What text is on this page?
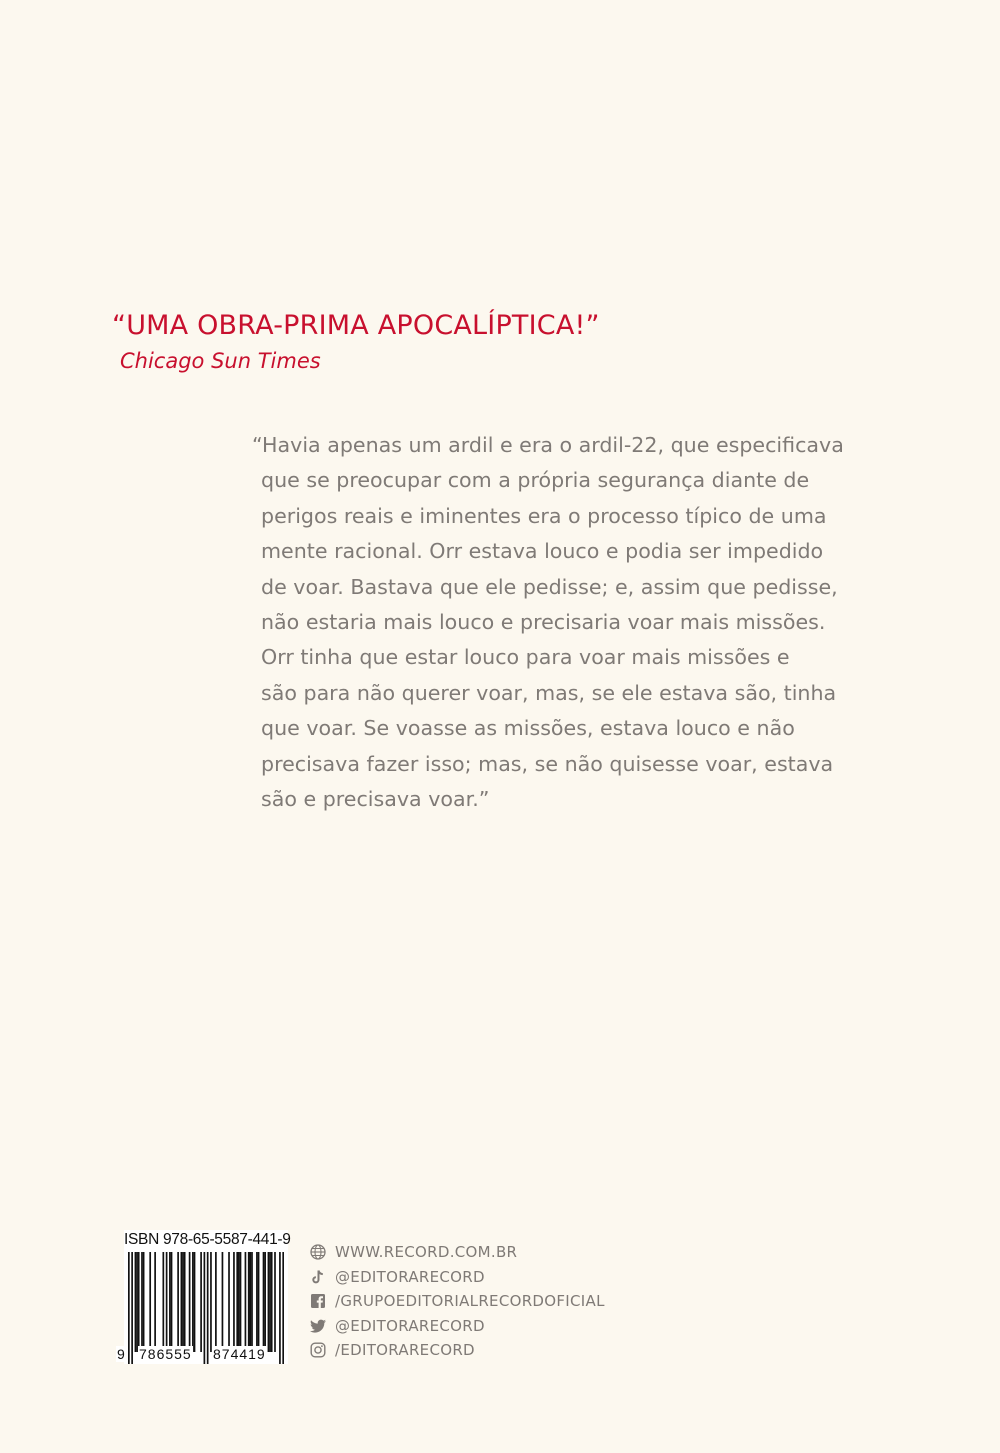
“UMA OBRA-PRIMA APOCALÍPTICA!”

Chicago Sun Times

“Havia apenas um ardil e era o ardil-22, que especificava
que se preocupar com a própria segurança diante de
perigos reais e iminentes era o processo típico de uma
mente racional. Orr estava louco e podia ser impedido
de voar. Bastava que ele pedisse; e, assim que pedisse,
não estaria mais louco e precisaria voar mais missões.
Orr tinha que estar louco para voar mais missões e
são para não querer voar, mas, se ele estava são, tinha
que voar. Se voasse as missões, estava louco e não
precisava fazer isso; mas, se não quisesse voar, estava
são e precisava voar.”
ISBN 978-65-5587-441-9
9 786555 874419
WWW.RECORD.COM.BR
@EDITORARECORD
/GRUPOEDITORIALRECORDOFICIAL
@EDITORARECORD
/EDITORARECORD
